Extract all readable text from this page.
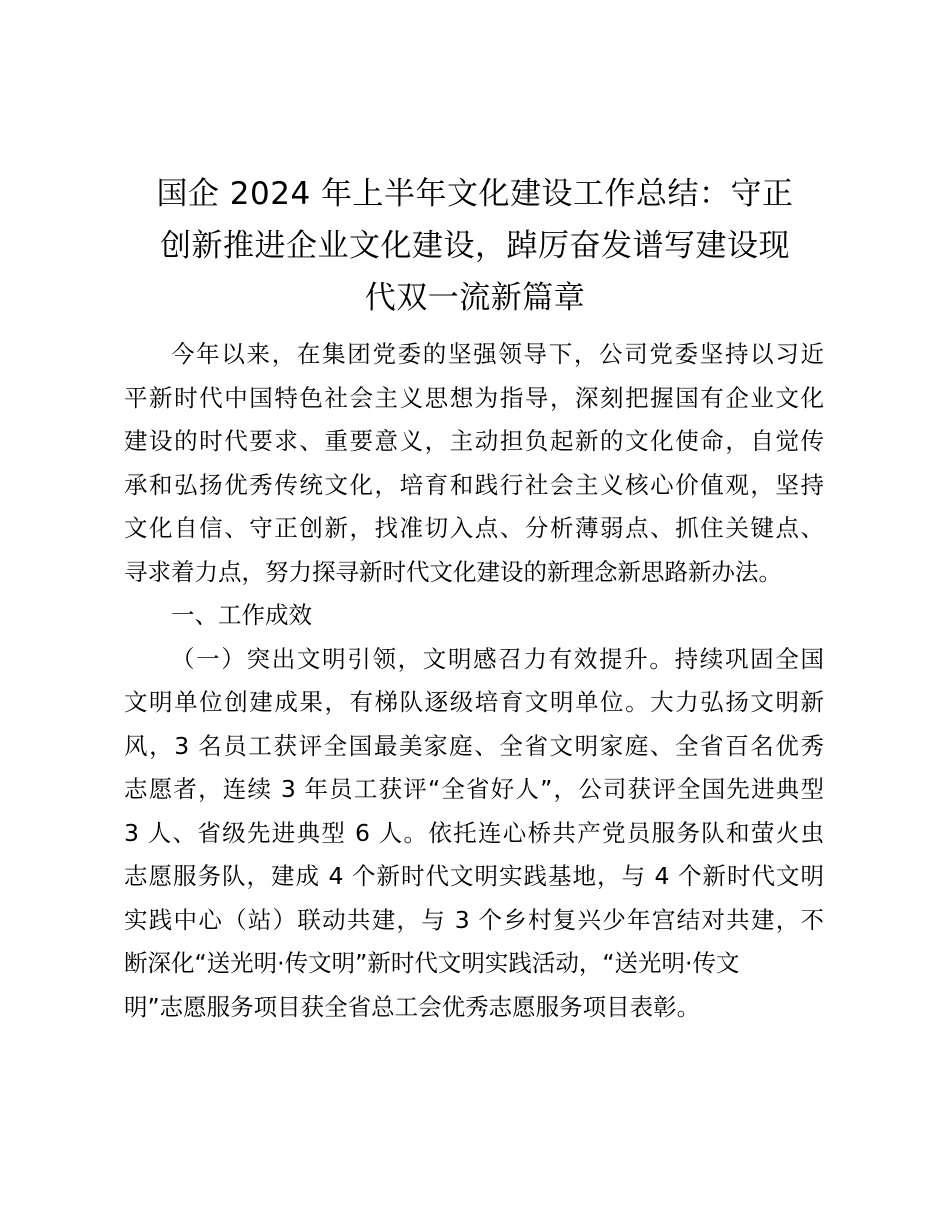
国企 2024 年上半年文化建设工作总结：守正
创新推进企业文化建设，踔厉奋发谱写建设现
代双一流新篇章
今年以来，在集团党委的坚强领导下，公司党委坚持以习近
平新时代中国特色社会主义思想为指导，深刻把握国有企业文化
建设的时代要求、重要意义，主动担负起新的文化使命，自觉传
承和弘扬优秀传统文化，培育和践行社会主义核心价值观，坚持
文化自信、守正创新，找准切入点、分析薄弱点、抓住关键点、
寻求着力点，努力探寻新时代文化建设的新理念新思路新办法。
一、工作成效
（一）突出文明引领，文明感召力有效提升。持续巩固全国
文明单位创建成果，有梯队逐级培育文明单位。大力弘扬文明新
风，3 名员工获评全国最美家庭、全省文明家庭、全省百名优秀
志愿者，连续 3 年员工获评“全省好人”，公司获评全国先进典型
3 人、省级先进典型 6 人。依托连心桥共产党员服务队和萤火虫
志愿服务队，建成 4 个新时代文明实践基地，与 4 个新时代文明
实践中心（站）联动共建，与 3 个乡村复兴少年宫结对共建，不
断深化“送光明·传文明”新时代文明实践活动，“送光明·传文
明”志愿服务项目获全省总工会优秀志愿服务项目表彰。
